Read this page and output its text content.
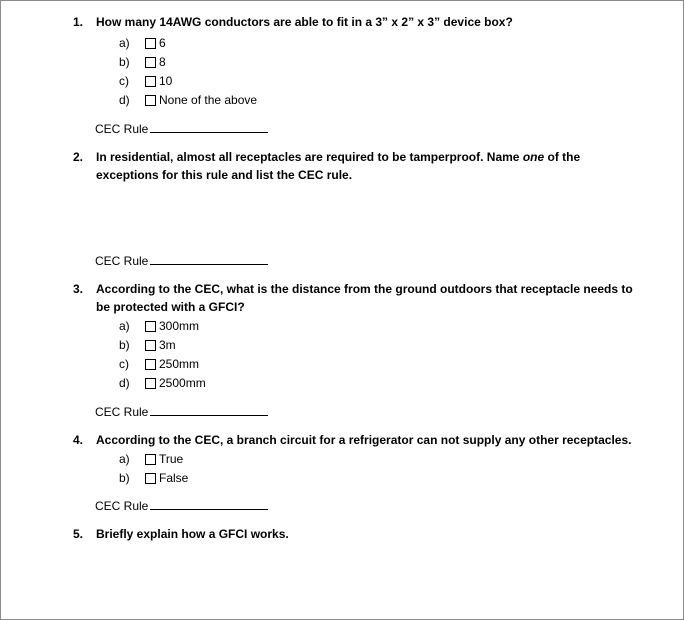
1.	How many 14AWG conductors are able to fit in a 3” x 2” x 3” device box?
a)	6
b)	8
c)	10
d)	None of the above
CEC Rule
2.	In residential, almost all receptacles are required to be tamperproof. Name one of the exceptions for this rule and list the CEC rule.
CEC Rule
3.	According to the CEC, what is the distance from the ground outdoors that receptacle needs to be protected with a GFCI?
a)	300mm
b)	3m
c)	250mm
d)	2500mm
CEC Rule
4.	According to the CEC, a branch circuit for a refrigerator can not supply any other receptacles.
a)	True
b)	False
CEC Rule
5.	Briefly explain how a GFCI works.
